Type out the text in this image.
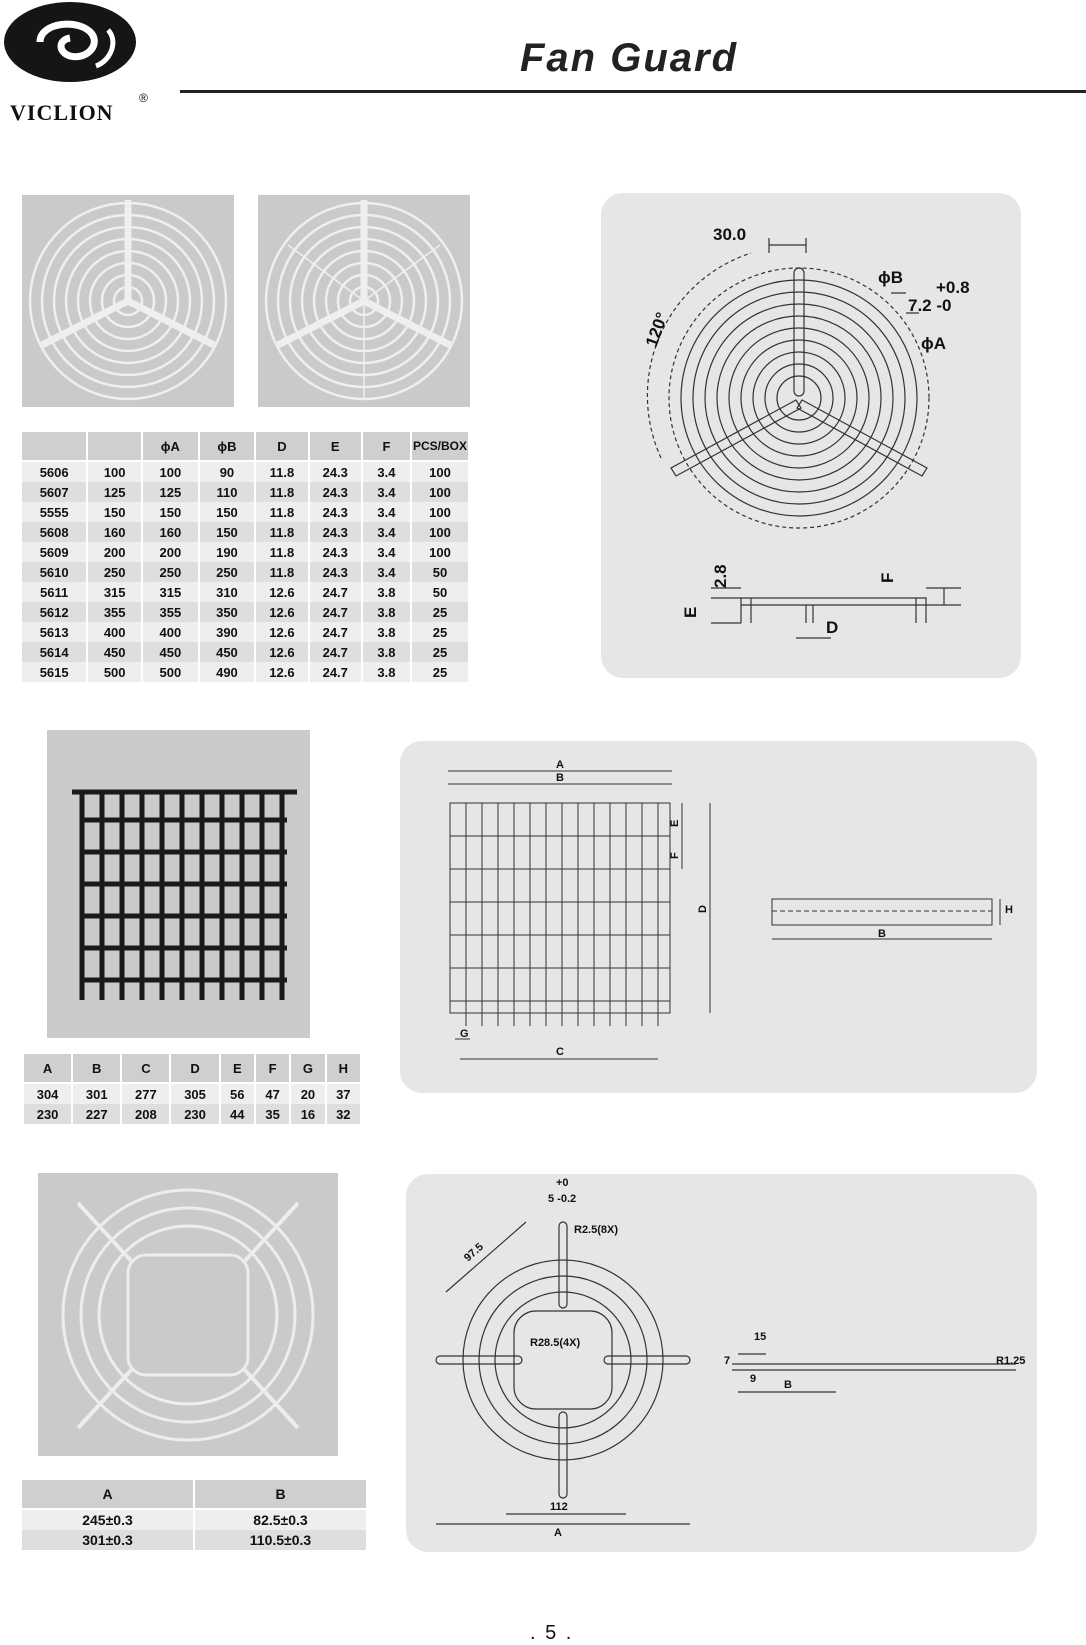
VICLION
®
Fan Guard
		ϕA	ϕB	D	E	F	PCS/BOX
5606	100	100	90	11.8	24.3	3.4	100
5607	125	125	110	11.8	24.3	3.4	100
5555	150	150	150	11.8	24.3	3.4	100
5608	160	160	150	11.8	24.3	3.4	100
5609	200	200	190	11.8	24.3	3.4	100
5610	250	250	250	11.8	24.3	3.4	50
5611	315	315	310	12.6	24.7	3.8	50
5612	355	355	350	12.6	24.7	3.8	25
5613	400	400	390	12.6	24.7	3.8	25
5614	450	450	450	12.6	24.7	3.8	25
5615	500	500	490	12.6	24.7	3.8	25
30.0
ϕB
+0.8
7.2 -0
ϕA
120°
2.8
E
F
D
A	B	C	D	E	F	G	H
304	301	277	305	56	47	20	37
230	227	208	230	44	35	16	32
A
B
C
D
E
F
G
H
B
A	B
245±0.3	82.5±0.3
301±0.3	110.5±0.3
+0
5 -0.2
R2.5(8X)
97.5
R28.5(4X)
112
A
15
7
9	B
R1.25
. 5 .
